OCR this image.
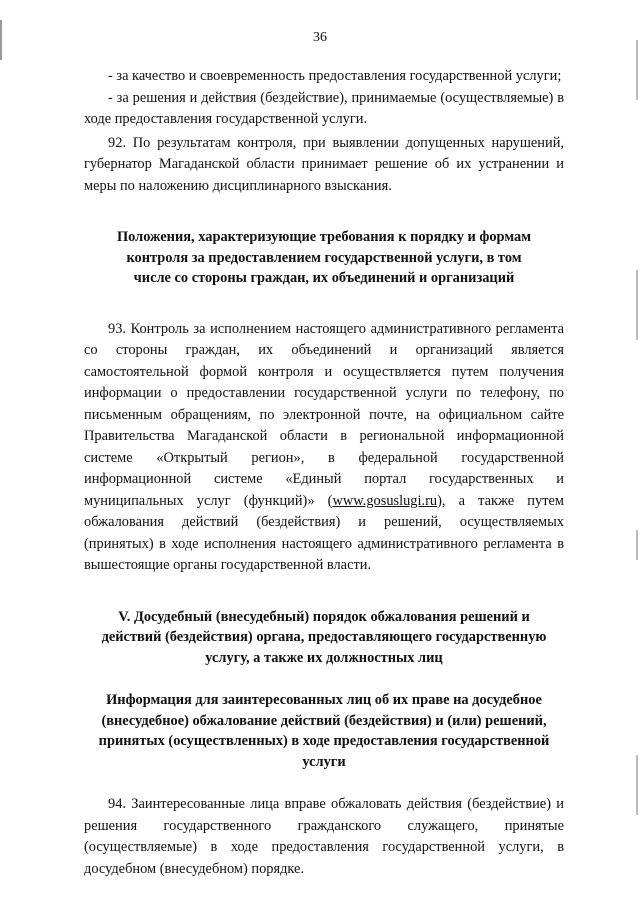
36

- за качество и своевременность предоставления государственной услуги;

- за решения и действия (бездействие), принимаемые (осуществляемые) в ходе предоставления государственной услуги.

92. По результатам контроля, при выявлении допущенных нарушений, губернатор Магаданской области принимает решение об их устранении и меры по наложению дисциплинарного взыскания.

Положения, характеризующие требования к порядку и формам контроля за предоставлением государственной услуги, в том числе со стороны граждан, их объединений и организаций

93. Контроль за исполнением настоящего административного регламента со стороны граждан, их объединений и организаций является самостоятельной формой контроля и осуществляется путем получения информации о предоставлении государственной услуги по телефону, по письменным обращениям, по электронной почте, на официальном сайте Правительства Магаданской области в региональной информационной системе «Открытый регион», в федеральной государственной информационной системе «Единый портал государственных и муниципальных услуг (функций)» (www.gosuslugi.ru), а также путем обжалования действий (бездействия) и решений, осуществляемых (принятых) в ходе исполнения настоящего административного регламента в вышестоящие органы государственной власти.

V. Досудебный (внесудебный) порядок обжалования решений и действий (бездействия) органа, предоставляющего государственную услугу, а также их должностных лиц

Информация для заинтересованных лиц об их праве на досудебное (внесудебное) обжалование действий (бездействия) и (или) решений, принятых (осуществленных) в ходе предоставления государственной услуги

94. Заинтересованные лица вправе обжаловать действия (бездействие) и решения государственного гражданского служащего, принятые (осуществляемые) в ходе предоставления государственной услуги, в досудебном (внесудебном) порядке.
